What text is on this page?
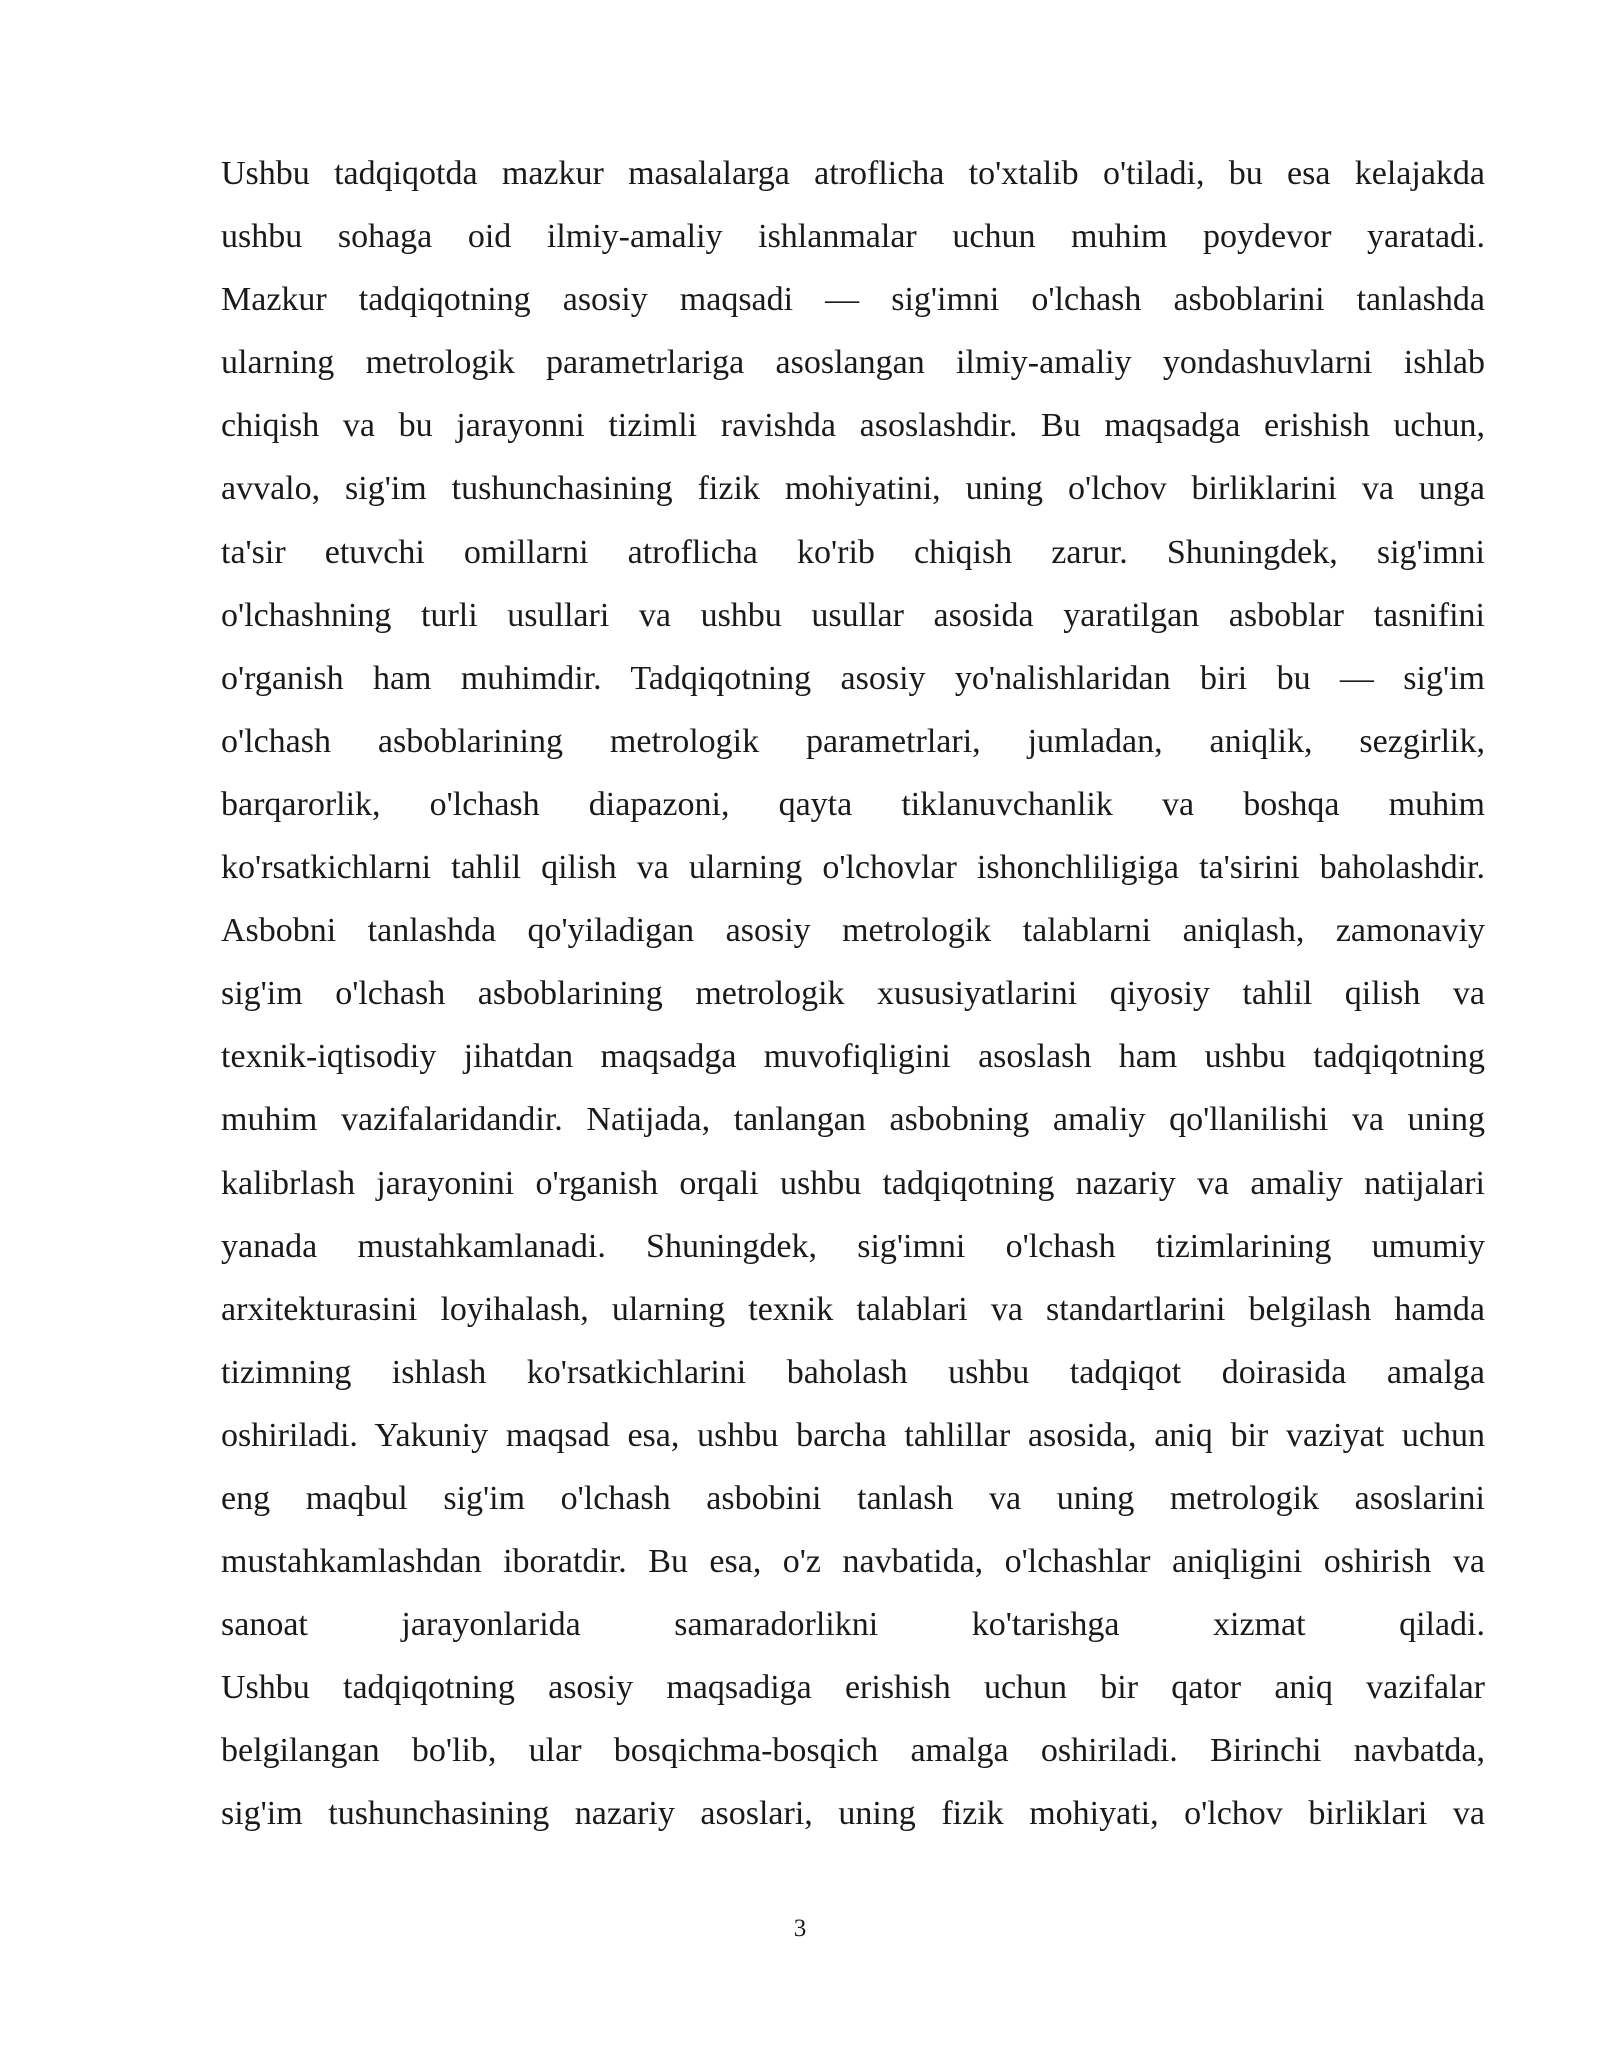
Ushbu tadqiqotda mazkur masalalarga atroflicha to'xtalib o'tiladi, bu esa kelajakda
ushbu sohaga oid ilmiy-amaliy ishlanmalar uchun muhim poydevor yaratadi.
Mazkur tadqiqotning asosiy maqsadi — sig'imni o'lchash asboblarini tanlashda
ularning metrologik parametrlariga asoslangan ilmiy-amaliy yondashuvlarni ishlab
chiqish va bu jarayonni tizimli ravishda asoslashdir. Bu maqsadga erishish uchun,
avvalo, sig'im tushunchasining fizik mohiyatini, uning o'lchov birliklarini va unga
ta'sir etuvchi omillarni atroflicha ko'rib chiqish zarur. Shuningdek, sig'imni
o'lchashning turli usullari va ushbu usullar asosida yaratilgan asboblar tasnifini
o'rganish ham muhimdir. Tadqiqotning asosiy yo'nalishlaridan biri bu — sig'im
o'lchash asboblarining metrologik parametrlari, jumladan, aniqlik, sezgirlik,
barqarorlik, o'lchash diapazoni, qayta tiklanuvchanlik va boshqa muhim
ko'rsatkichlarni tahlil qilish va ularning o'lchovlar ishonchliligiga ta'sirini baholashdir.
Asbobni tanlashda qo'yiladigan asosiy metrologik talablarni aniqlash, zamonaviy
sig'im o'lchash asboblarining metrologik xususiyatlarini qiyosiy tahlil qilish va
texnik-iqtisodiy jihatdan maqsadga muvofiqligini asoslash ham ushbu tadqiqotning
muhim vazifalaridandir. Natijada, tanlangan asbobning amaliy qo'llanilishi va uning
kalibrlash jarayonini o'rganish orqali ushbu tadqiqotning nazariy va amaliy natijalari
yanada mustahkamlanadi. Shuningdek, sig'imni o'lchash tizimlarining umumiy
arxitekturasini loyihalash, ularning texnik talablari va standartlarini belgilash hamda
tizimning ishlash ko'rsatkichlarini baholash ushbu tadqiqot doirasida amalga
oshiriladi. Yakuniy maqsad esa, ushbu barcha tahlillar asosida, aniq bir vaziyat uchun
eng maqbul sig'im o'lchash asbobini tanlash va uning metrologik asoslarini
mustahkamlashdan iboratdir. Bu esa, o'z navbatida, o'lchashlar aniqligini oshirish va
sanoat jarayonlarida samaradorlikni ko'tarishga xizmat qiladi.
Ushbu tadqiqotning asosiy maqsadiga erishish uchun bir qator aniq vazifalar
belgilangan bo'lib, ular bosqichma-bosqich amalga oshiriladi. Birinchi navbatda,
sig'im tushunchasining nazariy asoslari, uning fizik mohiyati, o'lchov birliklari va
3
